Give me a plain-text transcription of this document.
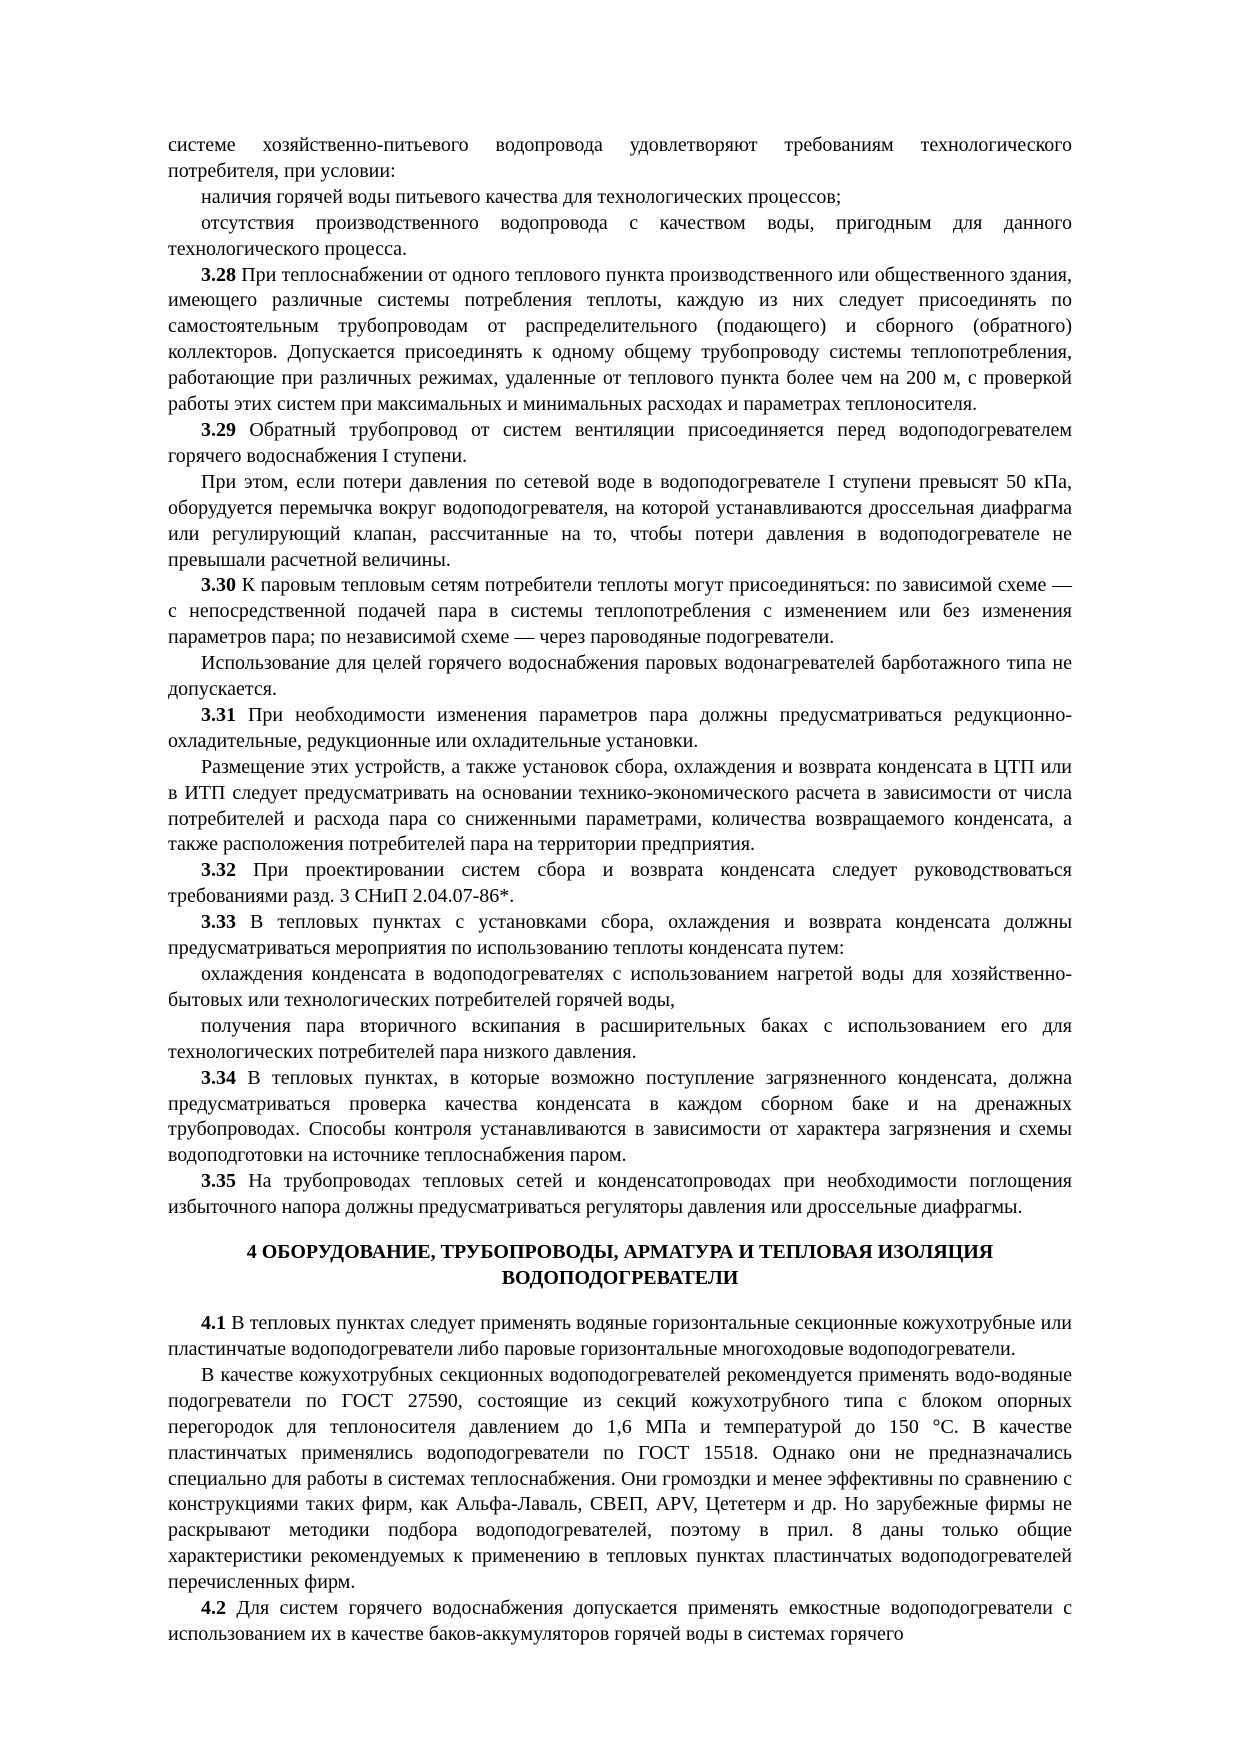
системе хозяйственно-питьевого водопровода удовлетворяют требованиям технологического потребителя, при условии:

наличия горячей воды питьевого качества для технологических процессов;

отсутствия производственного водопровода с качеством воды, пригодным для данного технологического процесса.

3.28 При теплоснабжении от одного теплового пункта производственного или общественного здания, имеющего различные системы потребления теплоты, каждую из них следует присоединять по самостоятельным трубопроводам от распределительного (подающего) и сборного (обратного) коллекторов. Допускается присоединять к одному общему трубопроводу системы теплопотребления, работающие при различных режимах, удаленные от теплового пункта более чем на 200 м, с проверкой работы этих систем при максимальных и минимальных расходах и параметрах теплоносителя.

3.29 Обратный трубопровод от систем вентиляции присоединяется перед водоподогревателем горячего водоснабжения I ступени.

При этом, если потери давления по сетевой воде в водоподогревателе I ступени превысят 50 кПа, оборудуется перемычка вокруг водоподогревателя, на которой устанавливаются дроссельная диафрагма или регулирующий клапан, рассчитанные на то, чтобы потери давления в водоподогревателе не превышали расчетной величины.

3.30 К паровым тепловым сетям потребители теплоты могут присоединяться: по зависимой схеме — с непосредственной подачей пара в системы теплопотребления с изменением или без изменения параметров пара; по независимой схеме — через пароводяные подогреватели.

Использование для целей горячего водоснабжения паровых водонагревателей барботажного типа не допускается.

3.31 При необходимости изменения параметров пара должны предусматриваться редукционно-охладительные, редукционные или охладительные установки.

Размещение этих устройств, а также установок сбора, охлаждения и возврата конденсата в ЦТП или в ИТП следует предусматривать на основании технико-экономического расчета в зависимости от числа потребителей и расхода пара со сниженными параметрами, количества возвращаемого конденсата, а также расположения потребителей пара на территории предприятия.

3.32 При проектировании систем сбора и возврата конденсата следует руководствоваться требованиями разд. 3 СНиП 2.04.07-86*.

3.33 В тепловых пунктах с установками сбора, охлаждения и возврата конденсата должны предусматриваться мероприятия по использованию теплоты конденсата путем:

охлаждения конденсата в водоподогревателях с использованием нагретой воды для хозяйственно-бытовых или технологических потребителей горячей воды,

получения пара вторичного вскипания в расширительных баках с использованием его для технологических потребителей пара низкого давления.

3.34 В тепловых пунктах, в которые возможно поступление загрязненного конденсата, должна предусматриваться проверка качества конденсата в каждом сборном баке и на дренажных трубопроводах. Способы контроля устанавливаются в зависимости от характера загрязнения и схемы водоподготовки на источнике теплоснабжения паром.

3.35 На трубопроводах тепловых сетей и конденсатопроводах при необходимости поглощения избыточного напора должны предусматриваться регуляторы давления или дроссельные диафрагмы.

4 ОБОРУДОВАНИЕ, ТРУБОПРОВОДЫ, АРМАТУРА И ТЕПЛОВАЯ ИЗОЛЯЦИЯ
ВОДОПОДОГРЕВАТЕЛИ

4.1 В тепловых пунктах следует применять водяные горизонтальные секционные кожухотрубные или пластинчатые водоподогреватели либо паровые горизонтальные многоходовые водоподогреватели.

В качестве кожухотрубных секционных водоподогревателей рекомендуется применять водо-водяные подогреватели по ГОСТ 27590, состоящие из секций кожухотрубного типа с блоком опорных перегородок для теплоносителя давлением до 1,6 МПа и температурой до 150 °С. В качестве пластинчатых применялись водоподогреватели по ГОСТ 15518. Однако они не предназначались специально для работы в системах теплоснабжения. Они громоздки и менее эффективны по сравнению с конструкциями таких фирм, как Альфа-Лаваль, СВЕП, APV, Цететерм и др. Но зарубежные фирмы не раскрывают методики подбора водоподогревателей, поэтому в прил. 8 даны только общие характеристики рекомендуемых к применению в тепловых пунктах пластинчатых водоподогревателей перечисленных фирм.

4.2 Для систем горячего водоснабжения допускается применять емкостные водоподогреватели с использованием их в качестве баков-аккумуляторов горячей воды в системах горячего
